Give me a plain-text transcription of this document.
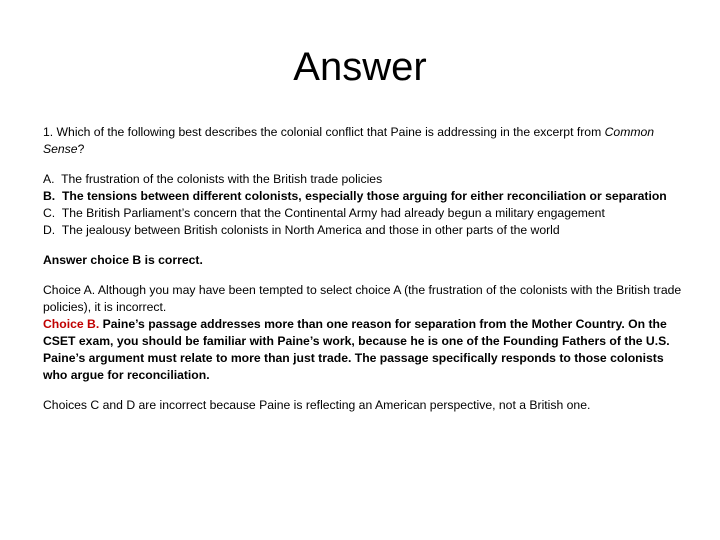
Answer

1. Which of the following best describes the colonial conflict that Paine is addressing in the excerpt from Common Sense?

A. The frustration of the colonists with the British trade policies

B. The tensions between different colonists, especially those arguing for either reconciliation or separation

C. The British Parliament’s concern that the Continental Army had already begun a military engagement

D. The jealousy between British colonists in North America and those in other parts of the world

Answer choice B is correct.

Choice A. Although you may have been tempted to select choice A (the frustration of the colonists with the British trade policies), it is incorrect.

Choice B. Paine’s passage addresses more than one reason for separation from the Mother Country. On the CSET exam, you should be familiar with Paine’s work, because he is one of the Founding Fathers of the U.S. Paine’s argument must relate to more than just trade. The passage specifically responds to those colonists who argue for reconciliation.

Choices C and D are incorrect because Paine is reflecting an American perspective, not a British one.
